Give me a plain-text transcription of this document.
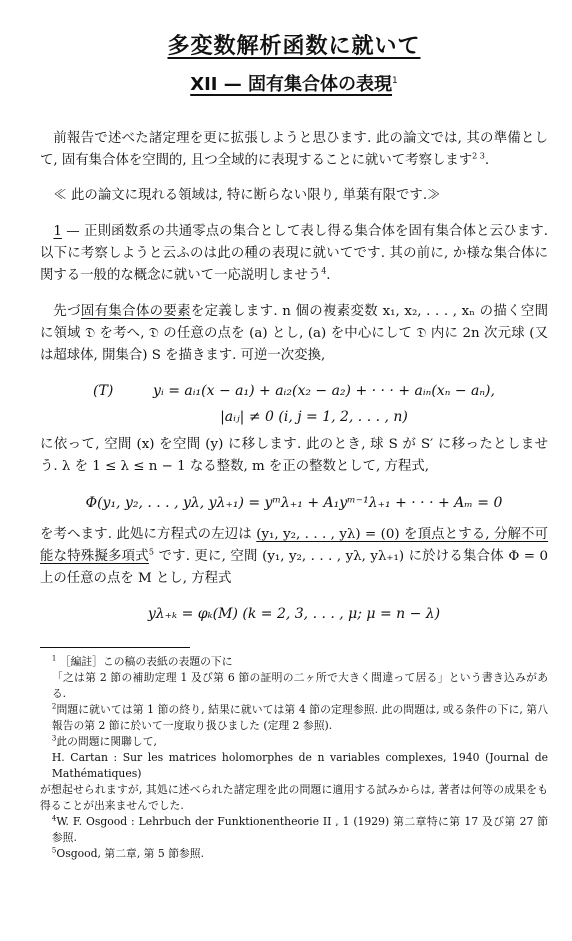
多変数解析函数に就いて
XII — 固有集合体の表現$^1$

前報告で述べた諸定理を更に拡張しようと思ひます. 此の論文では, 其の準備として, 固有集合体を空間的, 且つ全域的に表現することに就いて考察します$^{2 3}$.

≪ 此の論文に現れる領域は, 特に断らない限り, 単葉有限です.≫

1 — 正則函数系の共通零点の集合として表し得る集合体を固有集合体と云ひます. 以下に考察しようと云ふのは此の種の表現に就いてです. 其の前に, か様な集合体に関する一般的な概念に就いて一応説明しませう$^4$.

先づ固有集合体の要素を定義します. n 個の複素変数 x₁, x₂, . . . , xₙ の描く空間に領域 𝔇 を考へ, 𝔇 の任意の点を (a) とし, (a) を中心にして 𝔇 内に 2n 次元球 (又は超球体, 開集合) S を描きます. 可逆一次変換,

(T)	yᵢ = aᵢ₁(x − a₁) + aᵢ₂(x₂ − a₂) + · · · + aᵢₙ(xₙ − aₙ),
|aᵢⱼ| ≠ 0 (i, j = 1, 2, . . . , n)

に依って, 空間 (x) を空間 (y) に移します. 此のとき, 球 S が S′ に移ったとしませう. λ を 1 ≤ λ ≤ n − 1 なる整数, m を正の整数として, 方程式,

Φ(y₁, y₂, . . . , yλ, yλ₊₁) = yᵐλ₊₁ + A₁yᵐ⁻¹λ₊₁ + · · · + Aₘ = 0

を考へます. 此処に方程式の左辺は (y₁, y₂, . . . , yλ) = (0) を頂点とする, 分解不可能な特殊擬多項式$^5$ です. 更に, 空間 (y₁, y₂, . . . , yλ, yλ₊₁) に於ける集合体 Φ = 0 上の任意の点を M とし, 方程式

yλ₊ₖ = φₖ(M) (k = 2, 3, . . . , μ; μ = n − λ)
$^1$ ［編註］この稿の表紙の表題の下に
「之は第 2 節の補助定理 1 及び第 6 節の証明の二ヶ所で大きく間違って居る」という書き込みがある.
$^2$問題に就いては第 1 節の終り, 結果に就いては第 4 節の定理参照. 此の問題は, 或る条件の下に, 第八報告の第 2 節に於いて一度取り扱ひました (定理 2 参照).
$^3$此の問題に関聯して,
H. Cartan : Sur les matrices holomorphes de n variables complexes, 1940 (Journal de Mathématiques)
が想起せられますが, 其処に述べられた諸定理を此の問題に適用する試みからは, 著者は何等の成果をも得ることが出来ませんでした.
$^4$W. F. Osgood : Lehrbuch der Funktionentheorie II , 1 (1929) 第二章特に第 17 及び第 27 節参照.
$^5$Osgood, 第二章, 第 5 節参照.
